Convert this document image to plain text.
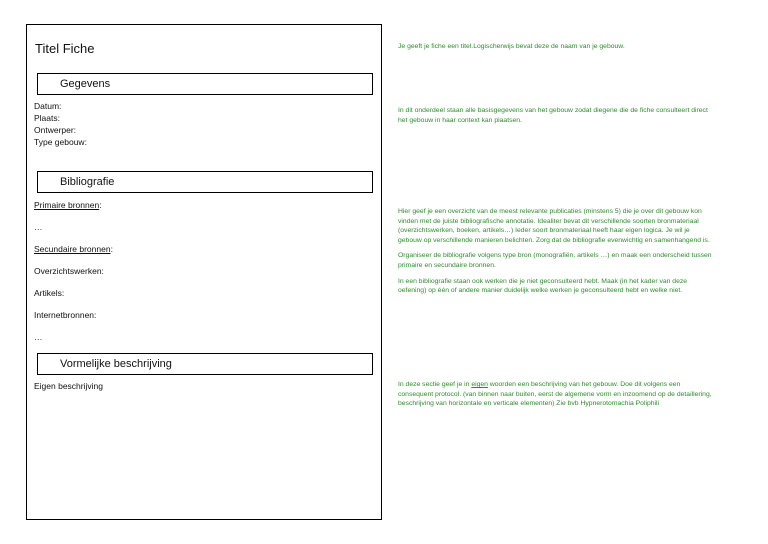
Titel Fiche
Gegevens
Datum:
Plaats:
Ontwerper:
Type gebouw:
Bibliografie
Primaire bronnen:
…
Secundaire bronnen:
Overzichtswerken:
Artikels:
Internetbronnen:
…
Vormelijke beschrijving
Eigen beschrijving
Je geeft je fiche een titel.Logischerwijs bevat deze de naam van je gebouw.
In dit onderdeel staan alle basisgegevens van het gebouw zodat diegene die de fiche consulteert direct het gebouw in haar context kan plaatsen.

Hier geef je een overzicht van de meest relevante publicaties (minstens 5) die je over dit gebouw kon vinden met de juiste bibliografische annotatie. Idealiter bevat dit verschillende soorten bronmateriaal (overzichtswerken, boeken, artikels…) Ieder soort bronmateriaal heeft haar eigen logica. Je wil je gebouw op verschillende manieren belichten. Zorg dat de bibliografie evenwichtig en samenhangend is.

Organiseer de bibliografie volgens type bron (monografiën, artikels …) en maak een onderscheid tussen primaire en secundaire bronnen.

In een bibliografie staan ook werken die je niet geconsulteerd hebt. Maak (in het kader van deze oefening) op één of andere manier duidelijk welke werken je geconsulteerd hebt en welke niet.

In deze sectie geef je in eigen woorden een beschrijving van het gebouw. Doe dit volgens een consequent protocol. (van binnen naar buiten, eerst de algemene vorm en inzoomend op de detaillering, beschrijving van horizontale en verticale elementen) Zie bvb Hypnerotomachia Poliphili
